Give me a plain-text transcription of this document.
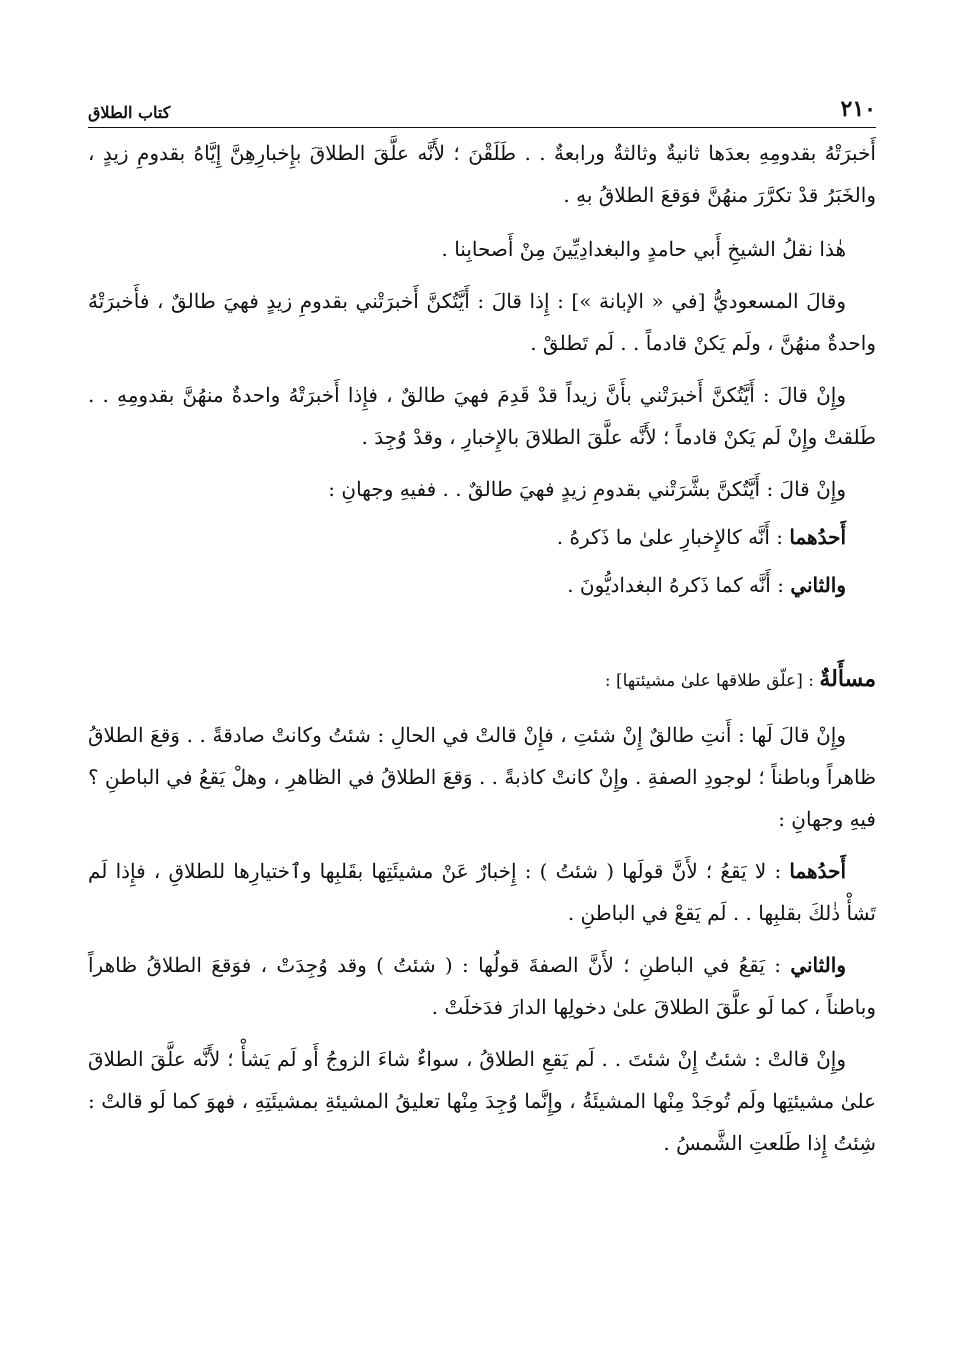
٢١٠
كتاب الطلاق

أَخبرَتْهُ بقدومِهِ بعدَها ثانيةٌ وثالثةٌ ورابعةٌ . . طَلَقْنَ ؛ لأَنَّه علَّقَ الطلاقَ بإِخبارِهِنَّ إِيَّاهُ بقدومِ زيدٍ ، والخَبَرُ قدْ تكرَّرَ منهُنَّ فوَقعَ الطلاقُ بهِ .

هٰذا نقلُ الشيخِ أَبي حامدٍ والبغدادِيِّينَ مِنْ أَصحابِنا .

وقالَ المسعوديُّ [في « الإبانة »] : إِذا قالَ : أَيَّتُكنَّ أَخبرَتْني بقدومِ زيدٍ فهيَ طالقٌ ، فأَخبرَتْهُ واحدةٌ منهُنَّ ، ولَم يَكنْ قادماً . . لَم تَطلقْ .

وإِنْ قالَ : أَيَّتُكنَّ أَخبرَتْني بأَنَّ زيداً قدْ قَدِمَ فهيَ طالقٌ ، فإِذا أَخبرَتْهُ واحدةٌ منهُنَّ بقدومِهِ . . طَلقتْ وإِنْ لَم يَكنْ قادماً ؛ لأَنَّه علَّقَ الطلاقَ بالإِخبارِ ، وقدْ وُجِدَ .

وإِنْ قالَ : أَيَّتُكنَّ بشَّرَتْني بقدومِ زيدٍ فهيَ طالقٌ . . ففيهِ وجهانِ :

أَحدُهما : أَنَّه كالإِخبارِ علىٰ ما ذَكرهُ .

والثاني : أَنَّه كما ذَكرهُ البغداديُّونَ .

مسأَلةٌ : [علّق طلاقها علىٰ مشيئتها] :

وإِنْ قالَ لَها : أَنتِ طالقٌ إِنْ شئتِ ، فإِنْ قالتْ في الحالِ : شئتُ وكانتْ صادقةً . . وَقعَ الطلاقُ ظاهراً وباطناً ؛ لوجودِ الصفةِ . وإِنْ كانتْ كاذبةً . . وَقعَ الطلاقُ في الظاهرِ ، وهلْ يَقعُ في الباطنِ ؟ فيهِ وجهانِ :

أَحدُهما : لا يَقعُ ؛ لأَنَّ قولَها ( شئتُ ) : إِخبارٌ عَنْ مشيئَتِها بقَلبِها وٱختيارِها للطلاقِ ، فإِذا لَم تَشأْ ذٰلكَ بقلبِها . . لَم يَقعْ في الباطنِ .

والثاني : يَقعُ في الباطنِ ؛ لأَنَّ الصفةَ قولُها : ( شئتُ ) وقد وُجِدَتْ ، فوَقعَ الطلاقُ ظاهراً وباطناً ، كما لَو علَّقَ الطلاقَ علىٰ دخولِها الدارَ فدَخلَتْ .

وإِنْ قالتْ : شئتُ إِنْ شئتَ . . لَم يَقعِ الطلاقُ ، سواءٌ شاءَ الزوجُ أَو لَم يَشأْ ؛ لأَنَّه علَّقَ الطلاقَ علىٰ مشيئتِها ولَم تُوجَدْ مِنْها المشيئَةُ ، وإِنَّما وُجِدَ مِنْها تعليقُ المشيئةِ بمشيئَتِهِ ، فهوَ كما لَو قالتْ : شِئتُ إِذا طَلعتِ الشَّمسُ .
